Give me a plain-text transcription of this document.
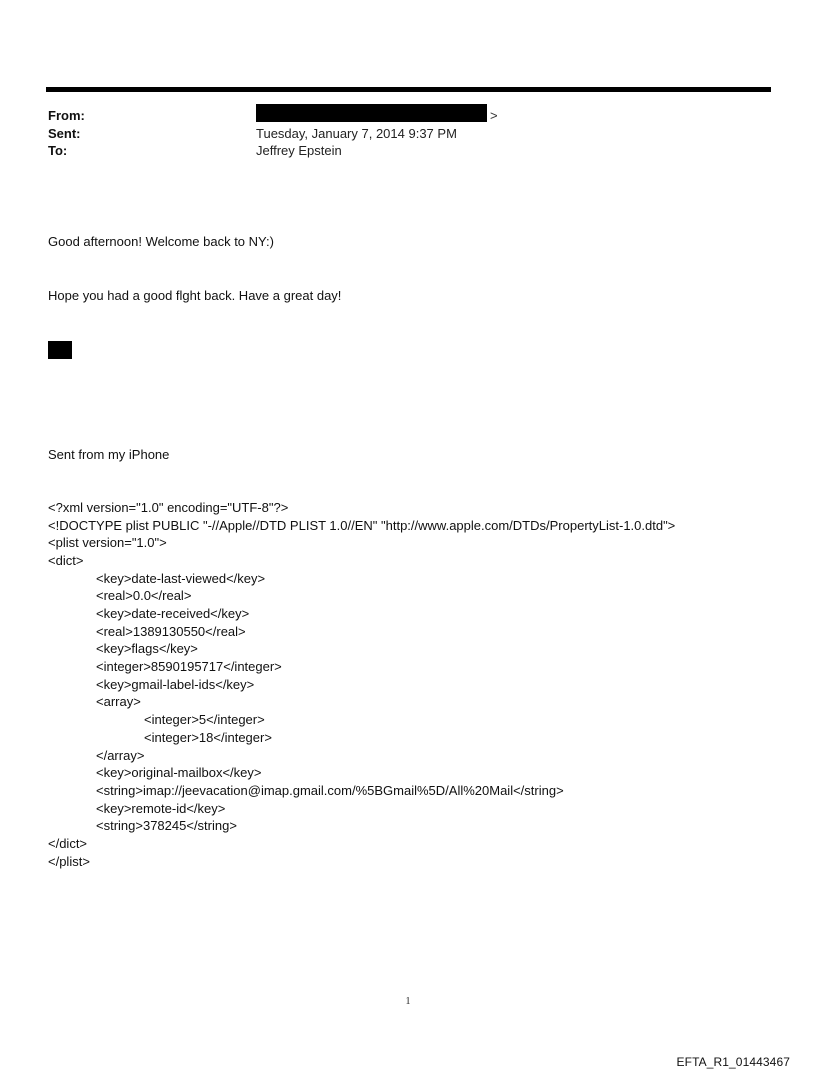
From:	>
Sent:	Tuesday, January 7, 2014 9:37 PM
To:	Jeffrey Epstein

Good afternoon! Welcome back to NY:)

Hope you had a good flght back. Have a great day!

Sent from my iPhone

<?xml version="1.0" encoding="UTF-8"?>
<!DOCTYPE plist PUBLIC "-//Apple//DTD PLIST 1.0//EN" "http://www.apple.com/DTDs/PropertyList-1.0.dtd">
<plist version="1.0">
<dict>
<key>date-last-viewed</key>
<real>0.0</real>
<key>date-received</key>
<real>1389130550</real>
<key>flags</key>
<integer>8590195717</integer>
<key>gmail-label-ids</key>
<array>
<integer>5</integer>
<integer>18</integer>
</array>
<key>original-mailbox</key>
<string>imap://jeevacation@imap.gmail.com/%5BGmail%5D/All%20Mail</string>
<key>remote-id</key>
<string>378245</string>
</dict>
</plist>

1
EFTA_R1_01443467
